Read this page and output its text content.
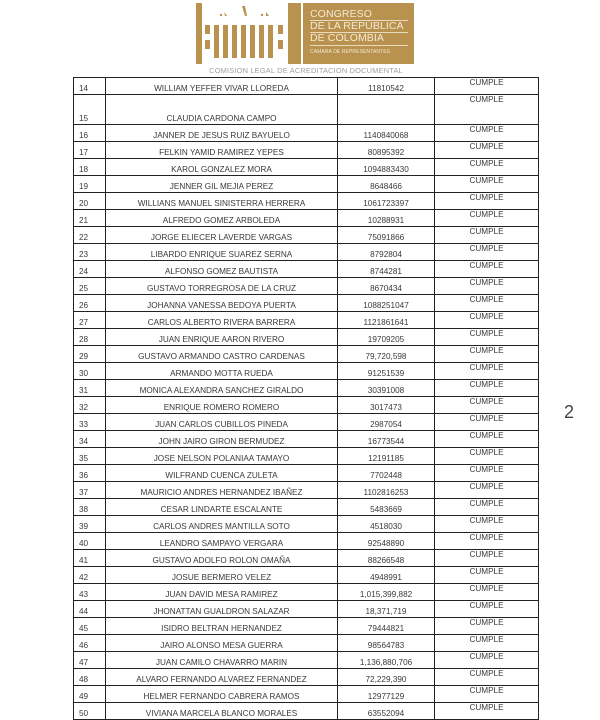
CONGRESO
DE LA REPÚBLICA
DE COLOMBIA
CAMARA DE REPRESENTANTES
COMISION LEGAL DE ACREDITACION DOCUMENTAL
14	WILLIAM YEFFER VIVAR LLOREDA	11810542	CUMPLE
15	CLAUDIA CARDONA CAMPO		CUMPLE
16	JANNER DE JESUS RUIZ BAYUELO	1140840068	CUMPLE
17	FELKIN YAMID RAMIREZ YEPES	80895392	CUMPLE
18	KAROL GONZALEZ MORA	1094883430	CUMPLE
19	JENNER GIL MEJIA PEREZ	8648466	CUMPLE
20	WILLIANS MANUEL SINISTERRA HERRERA	1061723397	CUMPLE
21	ALFREDO GOMEZ ARBOLEDA	10288931	CUMPLE
22	JORGE ELIECER LAVERDE VARGAS	75091866	CUMPLE
23	LIBARDO ENRIQUE SUAREZ SERNA	8792804	CUMPLE
24	ALFONSO GOMEZ BAUTISTA	8744281	CUMPLE
25	GUSTAVO TORREGROSA DE LA CRUZ	8670434	CUMPLE
26	JOHANNA VANESSA BEDOYA PUERTA	1088251047	CUMPLE
27	CARLOS ALBERTO RIVERA BARRERA	1121861641	CUMPLE
28	JUAN ENRIQUE AARON RIVERO	19709205	CUMPLE
29	GUSTAVO ARMANDO CASTRO CARDENAS	79,720,598	CUMPLE
30	ARMANDO MOTTA RUEDA	91251539	CUMPLE
31	MONICA ALEXANDRA SANCHEZ GIRALDO	30391008	CUMPLE
32	ENRIQUE ROMERO ROMERO	3017473	CUMPLE
33	JUAN CARLOS CUBILLOS PINEDA	2987054	CUMPLE
34	JOHN JAIRO GIRON BERMUDEZ	16773544	CUMPLE
35	JOSE NELSON POLANIAA TAMAYO	12191185	CUMPLE
36	WILFRAND CUENCA ZULETA	7702448	CUMPLE
37	MAURICIO ANDRES HERNANDEZ IBAÑEZ	1102816253	CUMPLE
38	CESAR LINDARTE ESCALANTE	5483669	CUMPLE
39	CARLOS ANDRES MANTILLA SOTO	4518030	CUMPLE
40	LEANDRO SAMPAYO VERGARA	92548890	CUMPLE
41	GUSTAVO ADOLFO ROLON OMAÑA	88266548	CUMPLE
42	JOSUE BERMERO VELEZ	4948991	CUMPLE
43	JUAN DAVID MESA RAMIREZ	1,015,399,882	CUMPLE
44	JHONATTAN GUALDRON SALAZAR	18,371,719	CUMPLE
45	ISIDRO BELTRAN HERNANDEZ	79444821	CUMPLE
46	JAIRO ALONSO MESA GUERRA	98564783	CUMPLE
47	JUAN CAMILO CHAVARRO MARIN	1,136,880,706	CUMPLE
48	ALVARO FERNANDO ALVAREZ FERNANDEZ	72,229,390	CUMPLE
49	HELMER FERNANDO CABRERA RAMOS	12977129	CUMPLE
50	VIVIANA MARCELA BLANCO MORALES	63552094	CUMPLE
2
